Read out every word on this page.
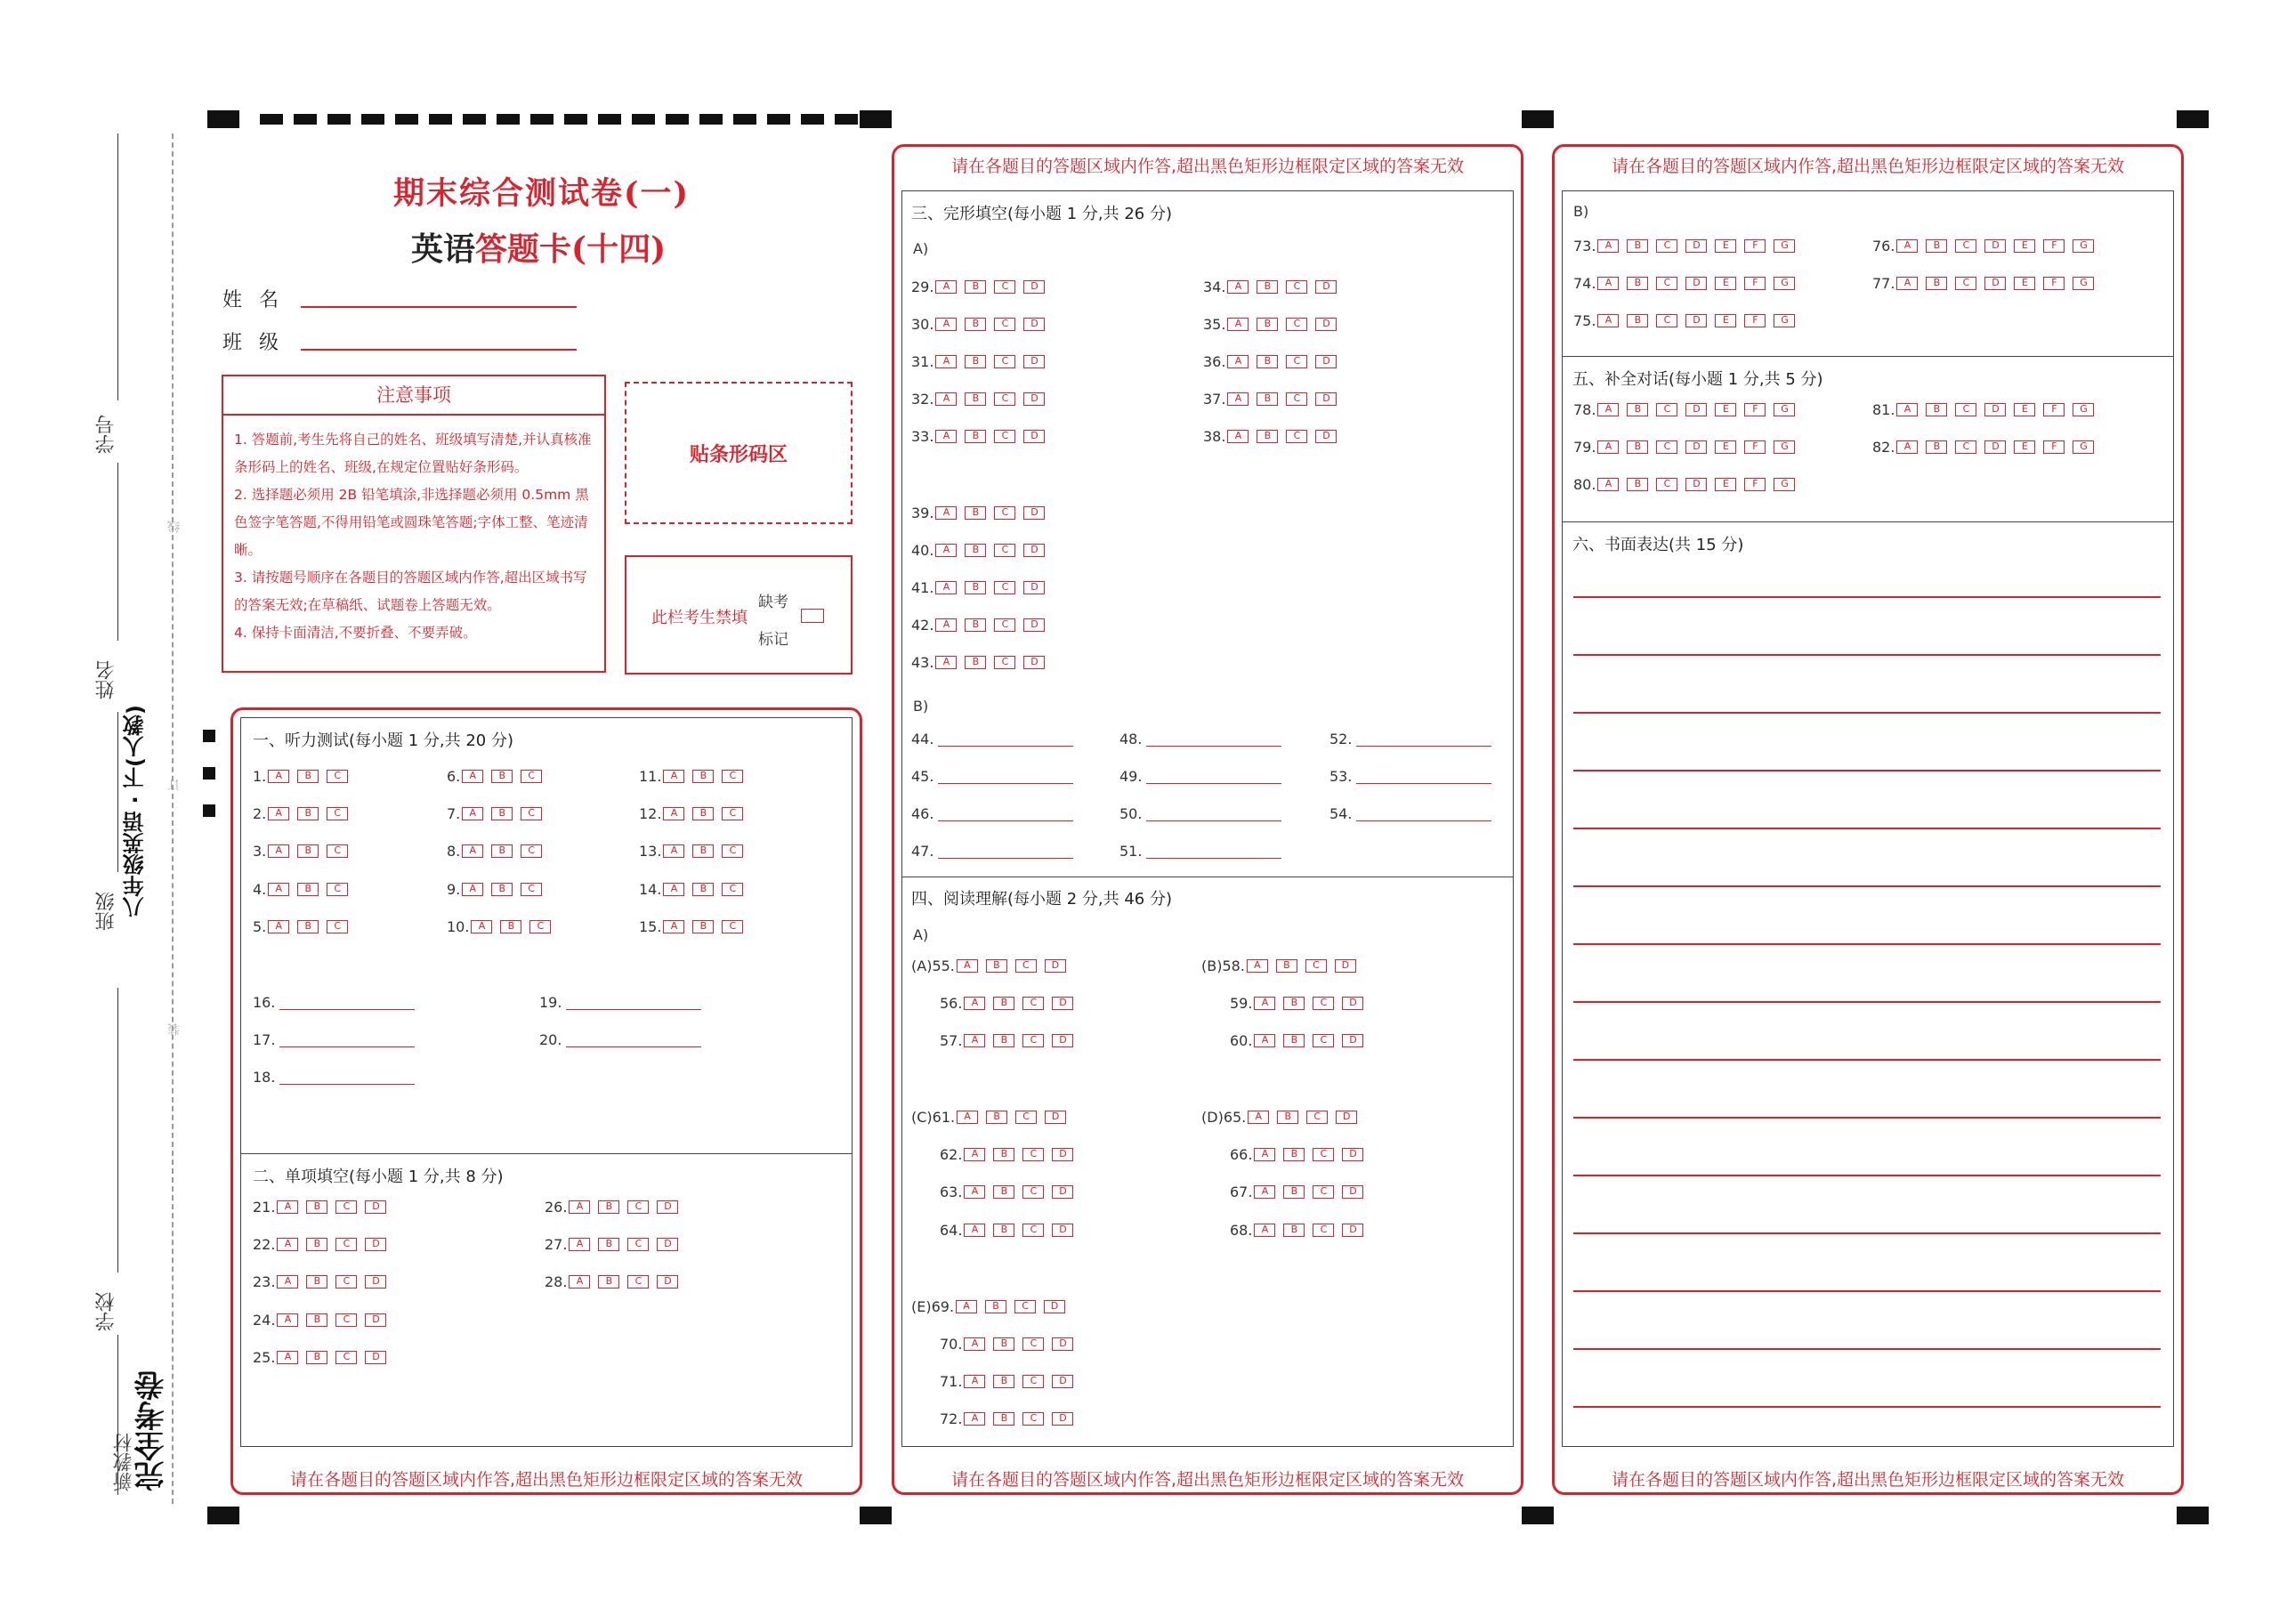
线
订
装
学号
姓名
八年级英语 · 下(人教)
班级
学校
新教材 完全考卷
期末综合测试卷(一)
英语答题卡(十四)
姓 名
班 级
注意事项
1. 答题前,考生先将自己的姓名、班级填写清楚,并认真核准条形码上的姓名、班级,在规定位置贴好条形码。
2. 选择题必须用 2B 铅笔填涂,非选择题必须用 0.5mm 黑色签字笔答题,不得用铅笔或圆珠笔答题;字体工整、笔迹清晰。
3. 请按题号顺序在各题目的答题区域内作答,超出区域书写的答案无效;在草稿纸、试题卷上答题无效。
4. 保持卡面清洁,不要折叠、不要弄破。
贴条形码区
此栏考生禁填
缺考
标记
一、听力测试(每小题 1 分,共 20 分)
二、单项填空(每小题 1 分,共 8 分)
请在各题目的答题区域内作答,超出黑色矩形边框限定区域的答案无效
请在各题目的答题区域内作答,超出黑色矩形边框限定区域的答案无效
三、完形填空(每小题 1 分,共 26 分)
四、阅读理解(每小题 2 分,共 46 分)
请在各题目的答题区域内作答,超出黑色矩形边框限定区域的答案无效
请在各题目的答题区域内作答,超出黑色矩形边框限定区域的答案无效
五、补全对话(每小题 1 分,共 5 分)
六、书面表达(共 15 分)
请在各题目的答题区域内作答,超出黑色矩形边框限定区域的答案无效
A)
B)
A)
B)
1. A	B	C
2. A	B	C
3. A	B	C
4. A	B	C
5. A	B	C
6. A	B	C
7. A	B	C
8. A	B	C
9. A	B	C
10. A	B	C
11. A	B	C
12. A	B	C
13. A	B	C
14. A	B	C
15. A	B	C
16.
17.
18.
19.
20.
21. A	B	C	D
22. A	B	C	D
23. A	B	C	D
24. A	B	C	D
25. A	B	C	D
26. A	B	C	D
27. A	B	C	D
28. A	B	C	D
29. A	B	C	D
30. A	B	C	D
31. A	B	C	D
32. A	B	C	D
33. A	B	C	D
34. A	B	C	D
35. A	B	C	D
36. A	B	C	D
37. A	B	C	D
38. A	B	C	D
39. A	B	C	D
40. A	B	C	D
41. A	B	C	D
42. A	B	C	D
43. A	B	C	D
44.
45.
46.
47.
48.
49.
50.
51.
52.
53.
54.
(A) 55. A	B	C	D
56. A	B	C	D
57. A	B	C	D
(B) 58. A	B	C	D
59. A	B	C	D
60. A	B	C	D
(C) 61. A	B	C	D
62. A	B	C	D
63. A	B	C	D
64. A	B	C	D
(D) 65. A	B	C	D
66. A	B	C	D
67. A	B	C	D
68. A	B	C	D
(E) 69. A	B	C	D
70. A	B	C	D
71. A	B	C	D
72. A	B	C	D
73. A	B	C	D	E	F	G
74. A	B	C	D	E	F	G
75. A	B	C	D	E	F	G
76. A	B	C	D	E	F	G
77. A	B	C	D	E	F	G
78. A	B	C	D	E	F	G
79. A	B	C	D	E	F	G
80. A	B	C	D	E	F	G
81. A	B	C	D	E	F	G
82. A	B	C	D	E	F	G
